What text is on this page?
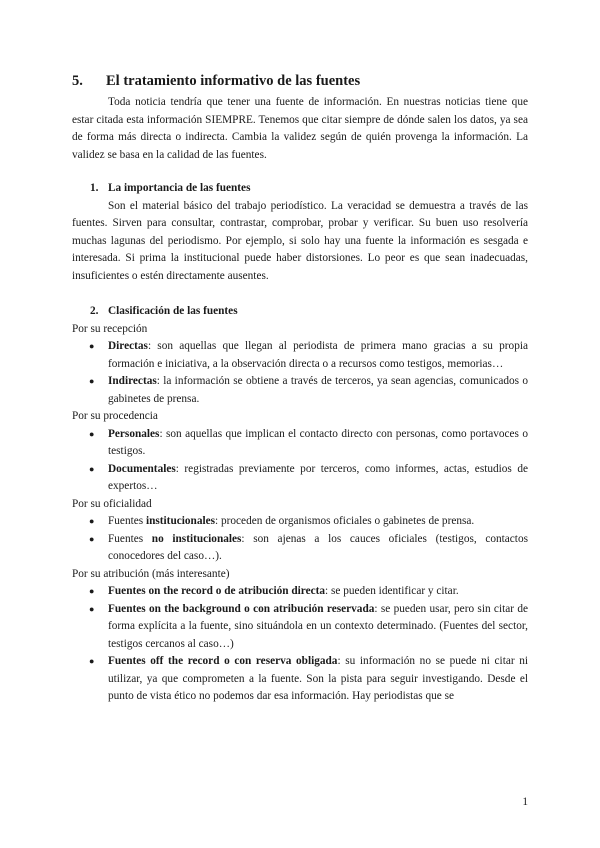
5.	El tratamiento informativo de las fuentes

Toda noticia tendría que tener una fuente de información. En nuestras noticias tiene que estar citada esta información SIEMPRE. Tenemos que citar siempre de dónde salen los datos, ya sea de forma más directa o indirecta. Cambia la validez según de quién provenga la información. La validez se basa en la calidad de las fuentes.

1. La importancia de las fuentes

Son el material básico del trabajo periodístico. La veracidad se demuestra a través de las fuentes. Sirven para consultar, contrastar, comprobar, probar y verificar. Su buen uso resolvería muchas lagunas del periodismo. Por ejemplo, si solo hay una fuente la información es sesgada e interesada. Si prima la institucional puede haber distorsiones. Lo peor es que sean inadecuadas, insuficientes o estén directamente ausentes.

2. Clasificación de las fuentes

Por su recepción

● Directas: son aquellas que llegan al periodista de primera mano gracias a su propia formación e iniciativa, a la observación directa o a recursos como testigos, memorias…
● Indirectas: la información se obtiene a través de terceros, ya sean agencias, comunicados o gabinetes de prensa.

Por su procedencia

● Personales: son aquellas que implican el contacto directo con personas, como portavoces o testigos.
● Documentales: registradas previamente por terceros, como informes, actas, estudios de expertos…

Por su oficialidad

● Fuentes institucionales: proceden de organismos oficiales o gabinetes de prensa.
● Fuentes no institucionales: son ajenas a los cauces oficiales (testigos, contactos conocedores del caso…).

Por su atribución (más interesante)

● Fuentes on the record o de atribución directa: se pueden identificar y citar.
● Fuentes on the background o con atribución reservada: se pueden usar, pero sin citar de forma explícita a la fuente, sino situándola en un contexto determinado. (Fuentes del sector, testigos cercanos al caso…)
● Fuentes off the record o con reserva obligada: su información no se puede ni citar ni utilizar, ya que comprometen a la fuente. Son la pista para seguir investigando. Desde el punto de vista ético no podemos dar esa información. Hay periodistas que se
1
